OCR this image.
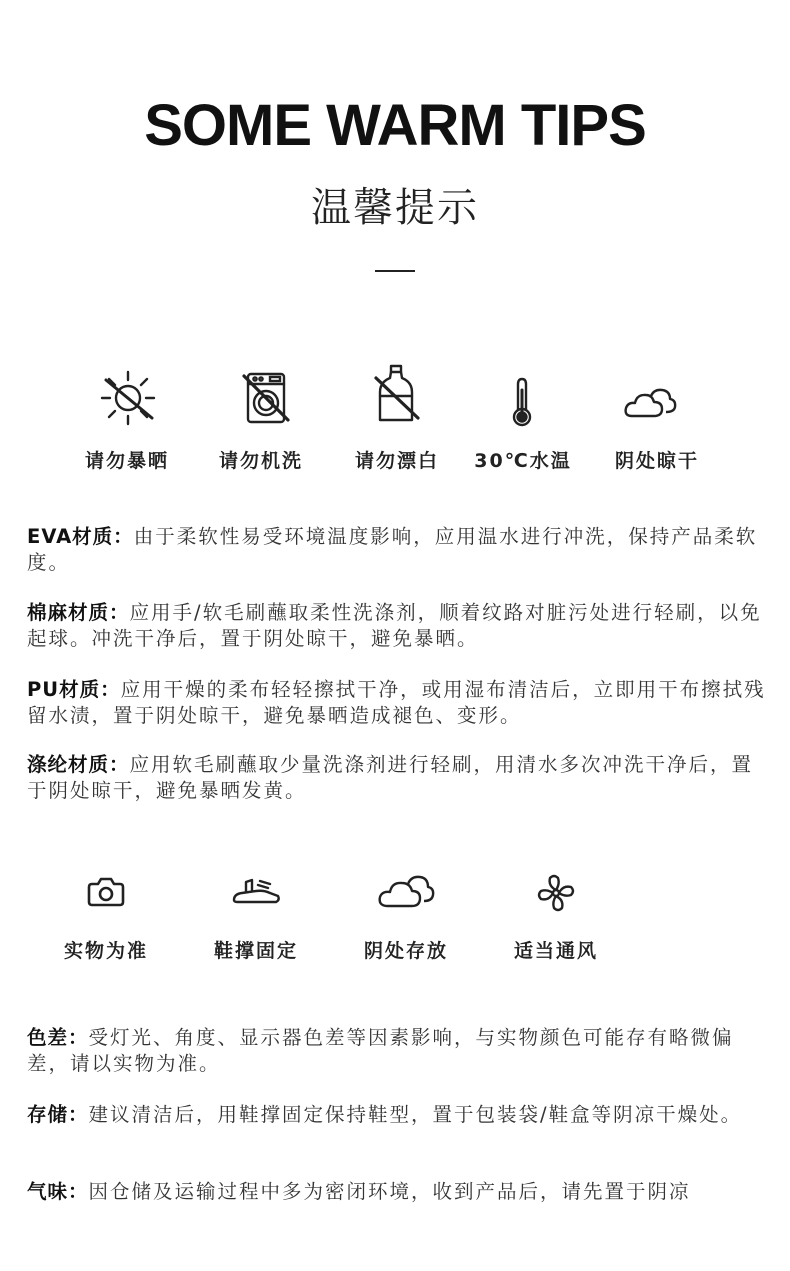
SOME WARM TIPS
温馨提示
请勿暴晒	请勿机洗	请勿漂白	30℃水温	阴处晾干
EVA材质：由于柔软性易受环境温度影响，应用温水进行冲洗，保持产品柔软度。
棉麻材质：应用手/软毛刷蘸取柔性洗涤剂，顺着纹路对脏污处进行轻刷，以免起球。冲洗干净后，置于阴处晾干，避免暴晒。
PU材质：应用干燥的柔布轻轻擦拭干净，或用湿布清洁后，立即用干布擦拭残留水渍，置于阴处晾干，避免暴晒造成褪色、变形。
涤纶材质：应用软毛刷蘸取少量洗涤剂进行轻刷，用清水多次冲洗干净后，置于阴处晾干，避免暴晒发黄。
实物为准	鞋撑固定	阴处存放	适当通风
色差：受灯光、角度、显示器色差等因素影响，与实物颜色可能存有略微偏差，请以实物为准。
存储：建议清洁后，用鞋撑固定保持鞋型，置于包装袋/鞋盒等阴凉干燥处。
气味：因仓储及运输过程中多为密闭环境，收到产品后，请先置于阴凉
